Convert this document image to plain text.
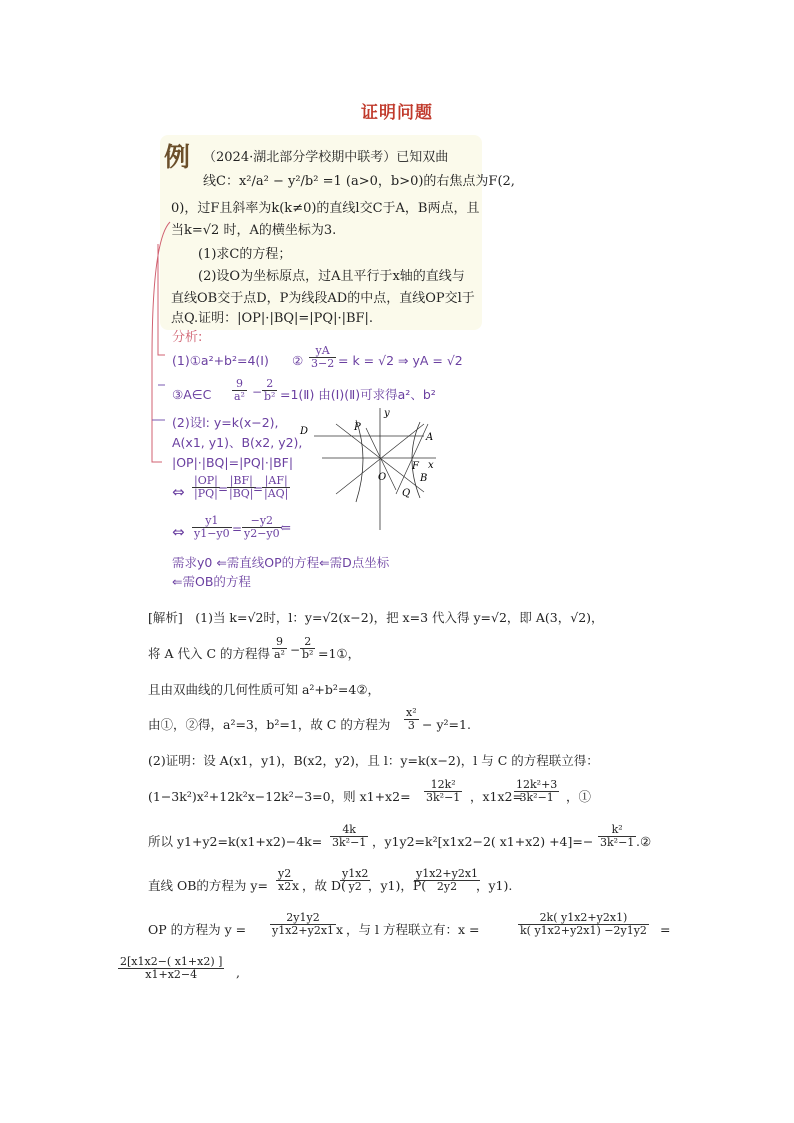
证明问题
例 （2024·湖北部分学校期中联考）已知双曲
线C：x²/a² − y²/b² =1 (a>0，b>0)的右焦点为F(2,
0)，过F且斜率为k(k≠0)的直线l交C于A，B两点，且
当k=√2 时，A的横坐标为3.
(1)求C的方程；
(2)设O为坐标原点，过A且平行于x轴的直线与
直线OB交于点D，P为线段AD的中点，直线OP交l于
点Q.证明：|OP|·|BQ|=|PQ|·|BF|.
分析:
(1)①a²+b²=4(Ⅰ) ② $\frac{yA}{3-2} = k = √2$ ⇒ yA = √2
③A∈C $\frac{9}{\text{a²}} - \frac{2}{\text{b²}}$ =1(Ⅱ) 由(Ⅰ)(Ⅱ)可求得a²、b²
(2)设l: y=k(x−2),
A(x1, y1)、B(x2, y2),
|OP|·|BQ|=|PQ|·|BF|
⇔ $\frac{|OP|}{|PQ|}$
=
$\frac{|BF|}{|BQ|}$
=
$\frac{|AF|}{|AQ|}$
⇔ $\frac{y1}{y1-y0} = \frac{-y2}{y2-y0}$
⇐
需求y0 ⇐需直线OP的方程⇐需D点坐标
⇐需OB的方程
D	P
A
F
B
O
Q
x
y
[解析]　(1)当 k=√2时，l：y=√2(x−2)，把 x=3 代入得 y=√2，即 A(3，√2)，
将 A 代入 C 的方程得 $\frac{9}{\text{a²}} - \frac{2}{\text{b²}}$ =1①，
且由双曲线的几何性质可知 a²+b²=4②，
由①，②得，a²=3，b²=1，故 C 的方程为 $\frac{\text{x²}}{3} - y^2=1$.
(2)证明：设 A(x1，y1)，B(x2，y2)，且 l：y=k(x−2)，l 与 C 的方程联立得：
(1−3k²)x²+12k²x−12k²−3=0，则 $x1+x2= \frac{\text{12k²}}{\text{3k²−1}}$ ，x1x2=
$\frac{\text{12k²+3}}{\text{3k²−1}}$ ，①
所以 $y1+y2=k(x1+x2)-4k= \frac{4k}{\text{3k²−1}}$ ，y1y2=k²[x1x2−2( $x1+x2) +4]=- \frac{\text{k²}}{\text{3k²−1}}$ .②
直线 OB的方程为 $y= \frac{y2}{x2}$
x ，故 D(
$\frac{y1x2}{y2}$
，y1)，P(
$\frac{y1x2+y2x1}{2y2}$
，y1).
OP 的方程为 $y = \frac{2y1y2}{y1x2+y2x1}$ x ，与 l 方程联立有：x =	$\frac{2k( y1x2+y2x1)}{k( y1x2+y2x1) -2y1y2}$ =
$\frac{2[x1x2-( x1+x2) ]}{x1+x2-4}$ ,
